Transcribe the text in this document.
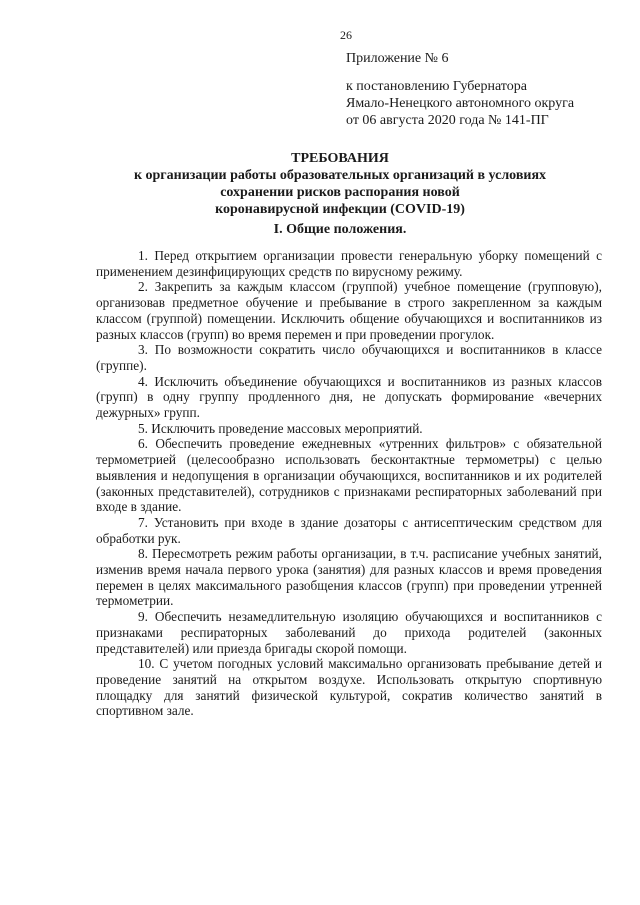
26
Приложение № 6
к постановлению Губернатора
Ямало-Ненецкого автономного округа
от 06 августа 2020 года № 141-ПГ
ТРЕБОВАНИЯ
к организации работы образовательных организаций в условиях
сохранении рисков распорания новой
коронавирусной инфекции (COVID-19)
I. Общие положения.

1. Перед открытием организации провести генеральную уборку помещений с применением дезинфицирующих средств по вирусному режиму.

2. Закрепить за каждым классом (группой) учебное помещение (групповую), организовав предметное обучение и пребывание в строго закрепленном за каждым классом (группой) помещении. Исключить общение обучающихся и воспитанников из разных классов (групп) во время перемен и при проведении прогулок.

3. По возможности сократить число обучающихся и воспитанников в классе (группе).

4. Исключить объединение обучающихся и воспитанников из разных классов (групп) в одну группу продленного дня, не допускать формирование «вечерних дежурных» групп.

5. Исключить проведение массовых мероприятий.

6. Обеспечить проведение ежедневных «утренних фильтров» с обязательной термометрией (целесообразно использовать бесконтактные термометры) с целью выявления и недопущения в организации обучающихся, воспитанников и их родителей (законных представителей), сотрудников с признаками респираторных заболеваний при входе в здание.

7. Установить при входе в здание дозаторы с антисептическим средством для обработки рук.

8. Пересмотреть режим работы организации, в т.ч. расписание учебных занятий, изменив время начала первого урока (занятия) для разных классов и время проведения перемен в целях максимального разобщения классов (групп) при проведении утренней термометрии.

9. Обеспечить незамедлительную изоляцию обучающихся и воспитанников с признаками респираторных заболеваний до прихода родителей (законных представителей) или приезда бригады скорой помощи.

10. С учетом погодных условий максимально организовать пребывание детей и проведение занятий на открытом воздухе. Использовать открытую спортивную площадку для занятий физической культурой, сократив количество занятий в спортивном зале.
